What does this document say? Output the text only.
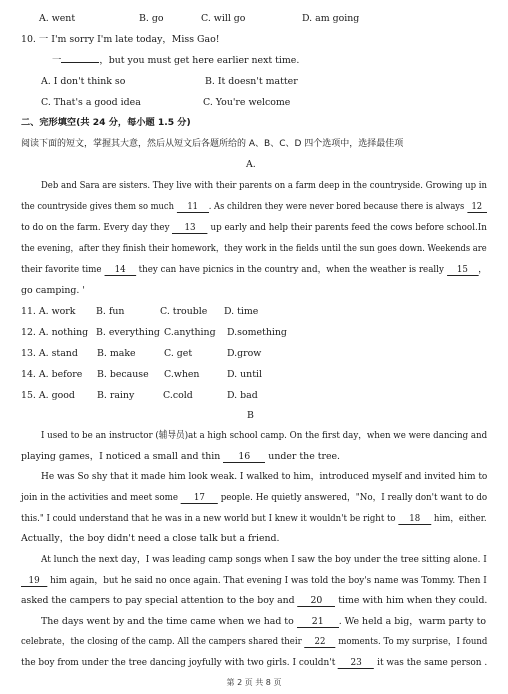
A. went	B. go	C. will go	D. am going
10. 一 I'm sorry I'm late today，Miss Gao!
一	，but you must get here earlier next time.
A. I don't think so	B. It doesn't matter
C. That's a good idea	C. You're welcome
二、完形填空(共 24 分，每小题 1.5 分)
阅读下面的短文，掌握其大意，然后从短文后各题所给的 A、B、C、D 四个选项中，选择最佳项
A.
Deb and Sara are sisters. They live with their parents on a farm deep in the countryside. Growing up in
the countryside gives them so much 11 . As children they were never bored because there is always 12
to do on the farm. Every day they 13 up early and help their parents feed the cows before school.In
the evening，after they finish their homework，they work in the fields until the sun goes down. Weekends are
their favorite time 14 they can have picnics in the country and，when the weather is really 15 ，
go camping. '
11. A. work B. fun	C. trouble D. time
12. A. nothing B. everything C.anything D.something
13. A. stand B. make	C. get	D.grow
14. A. before B. because C.when	D. until
15. A. good B. rainy	C.cold	D. bad
B
I used to be an instructor (辅导员)at a high school camp. On the first day，when we were dancing and
playing games，I noticed a small and thin 16 under the tree.
He was So shy that it made him look weak. I walked to him，introduced myself and invited him to
join in the activities and meet some 17 people. He quietly answered，"No，I really don't want to do
this." I could understand that he was in a new world but I knew it wouldn't be right to 18 him，either.
Actually，the boy didn't need a close talk but a friend.
At lunch the next day，I was leading camp songs when I saw the boy under the tree sitting alone. I
19 him again，but he said no once again. That evening I was told the boy's name was Tommy. Then I
asked the campers to pay special attention to the boy and 20 time with him when they could.
The days went by and the time came when we had to 21 . We held a big，warm party to
celebrate，the closing of the camp. All the campers shared their 22 moments. To my surprise，I found
the boy from under the tree dancing joyfully with two girls. I couldn't 23 it was the same person .
第 2 页 共 8 页
